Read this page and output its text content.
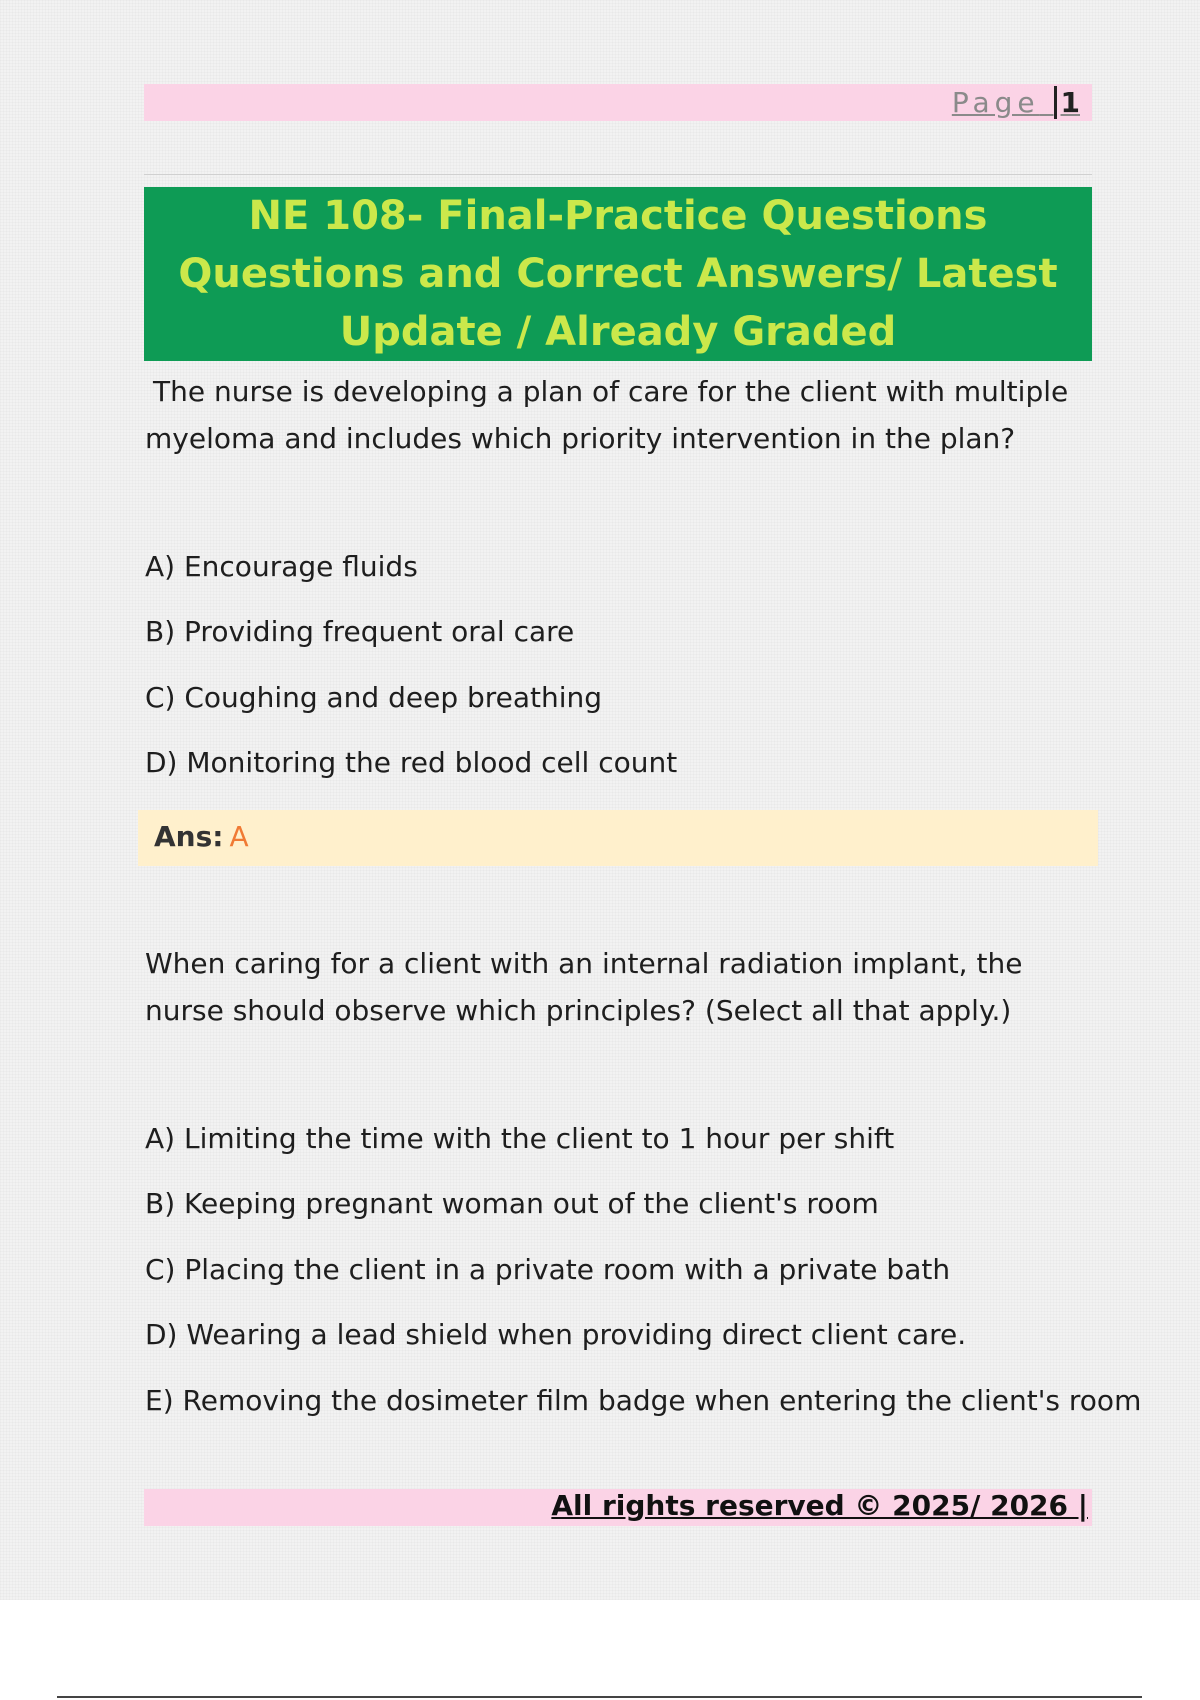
Page 1
NE 108- Final-Practice Questions Questions and Correct Answers/ Latest Update / Already Graded
The nurse is developing a plan of care for the client with multiple myeloma and includes which priority intervention in the plan?
A) Encourage fluids
B) Providing frequent oral care
C) Coughing and deep breathing
D) Monitoring the red blood cell count
Ans: A
When caring for a client with an internal radiation implant, the nurse should observe which principles? (Select all that apply.)
A) Limiting the time with the client to 1 hour per shift
B) Keeping pregnant woman out of the client's room
C) Placing the client in a private room with a private bath
D) Wearing a lead shield when providing direct client care.
E) Removing the dosimeter film badge when entering the client's room
All rights reserved © 2025/ 2026 |
